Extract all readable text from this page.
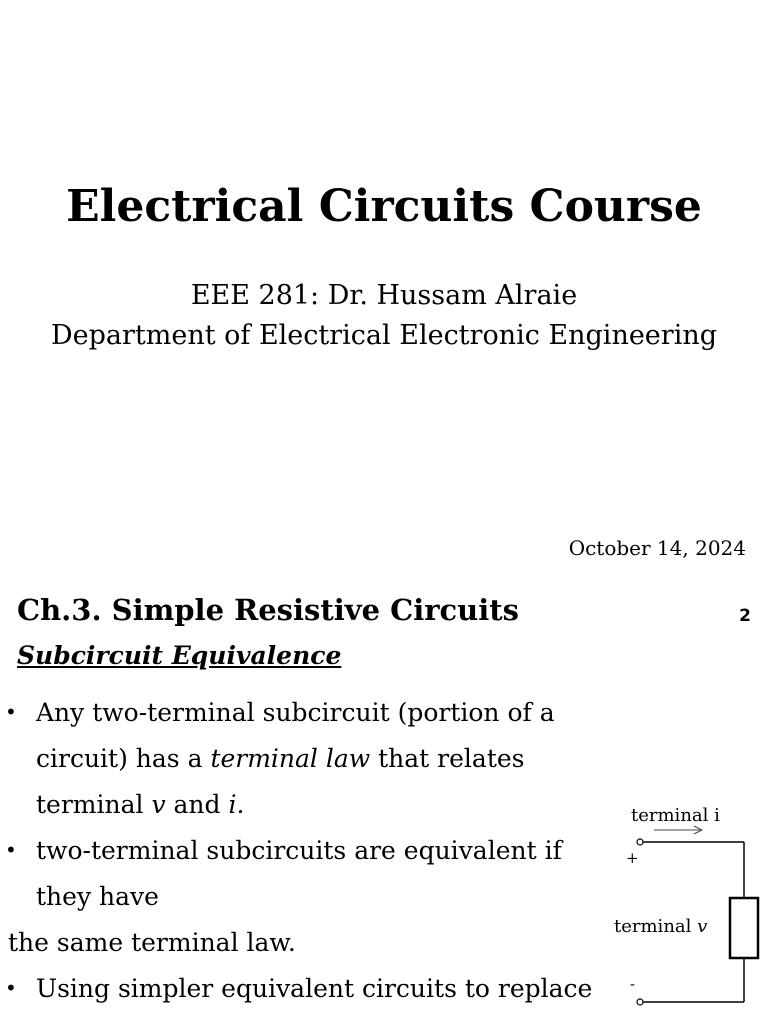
Electrical Circuits Course

EEE 281: Dr. Hussam Alraie

Department of Electrical Electronic Engineering

October 14, 2024
Ch.3. Simple Resistive Circuits	2
Subcircuit Equivalence
• Any two-terminal subcircuit (portion of a
circuit) has a terminal law that relates
terminal v and i.
• two-terminal subcircuits are equivalent if
they have
the same terminal law.
• Using simpler equivalent circuits to replace
terminal i
+
terminal v
-
